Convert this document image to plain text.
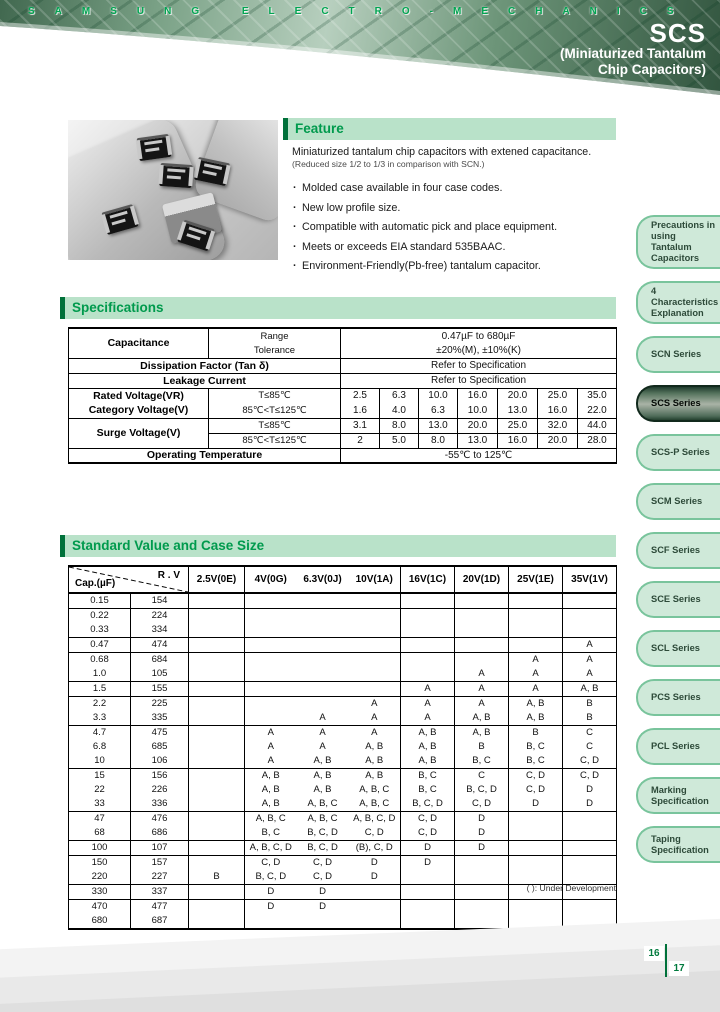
SAMSUNG ELECTRO-MECHANICS
SCS
(Miniaturized Tantalum
Chip Capacitors)
Feature
Miniaturized tantalum chip capacitors with extened capacitance.
(Reduced size 1/2 to 1/3 in comparison with SCN.)
· Molded case available in four case codes.
· New low profile size.
· Compatible with automatic pick and place equipment.
· Meets or exceeds EIA standard 535BAAC.
· Environment-Friendly(Pb-free) tantalum capacitor.
Specifications
Capacitance	Range	0.47µF to 680µF						
	Tolerance	±20%(M), ±10%(K)						
Dissipation Factor (Tan δ)		Refer to Specification						
Leakage Current		Refer to Specification						
Rated Voltage(VR)	T≤85℃	2.5	6.3	10.0	16.0	20.0	25.0	35.0
Category Voltage(V)	85℃<T≤125℃	1.6	4.0	6.3	10.0	13.0	16.0	22.0
Surge Voltage(V)	T≤85℃	3.1	8.0	13.0	20.0	25.0	32.0	44.0
	85℃<T≤125℃	2	5.0	8.0	13.0	16.0	20.0	28.0
Operating Temperature		-55℃ to 125℃						
Standard Value and Case Size
R . V
Cap.(µF)		2.5V(0E)	4V(0G)	6.3V(0J)	10V(1A)	16V(1C)	20V(1D)	25V(1E)	35V(1V)
0.15	154								
0.22	224								
0.33	334								
0.47	474								A
0.68	684							A	A
1.0	105						A	A	A
1.5	155					A	A	A	A, B
2.2	225				A	A	A	A, B	B
3.3	335			A	A	A	A, B	A, B	B
4.7	475		A	A	A	A, B	A, B	B	C
6.8	685		A	A	A, B	A, B	B	B, C	C
10	106		A	A, B	A, B	A, B	B, C	B, C	C, D
15	156		A, B	A, B	A, B	B, C	C	C, D	C, D
22	226		A, B	A, B	A, B, C	B, C	B, C, D	C, D	D
33	336		A, B	A, B, C	A, B, C	B, C, D	C, D	D	D
47	476		A, B, C	A, B, C	A, B, C, D	C, D	D		
68	686		B, C	B, C, D	C, D	C, D	D		
100	107		A, B, C, D	B, C, D	(B), C, D	D	D		
150	157		C, D	C, D	D	D			
220	227	B	B, C, D	C, D	D				
330	337		D	D					
470	477		D	D					
680	687								
( ): Under Development
Precautions in using Tantalum Capacitors
4 Characteristics Explanation
SCN Series
SCS Series
SCS-P Series
SCM Series
SCF Series
SCE Series
SCL Series
PCS Series
PCL Series
Marking Specification
Taping Specification
16
17
